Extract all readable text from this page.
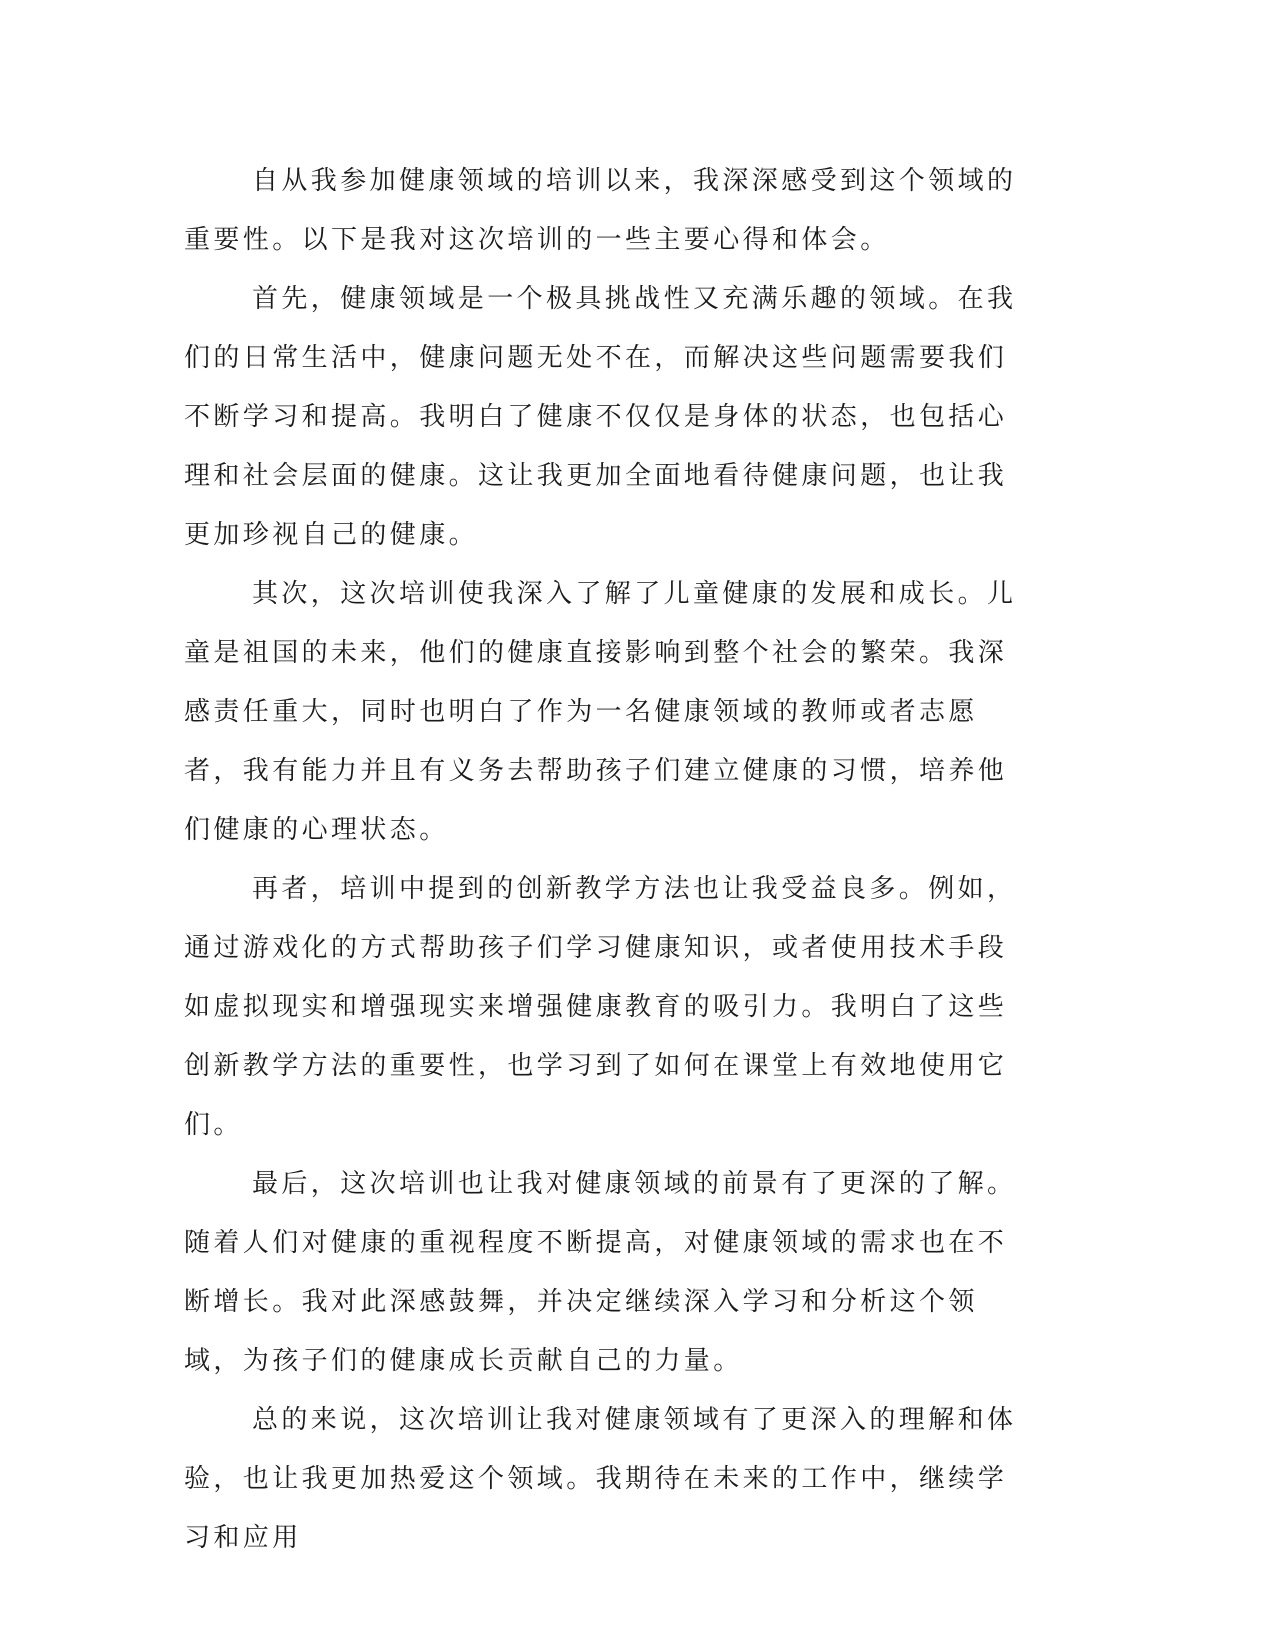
自从我参加健康领域的培训以来，我深深感受到这个领域的重要性。以下是我对这次培训的一些主要心得和体会。

首先，健康领域是一个极具挑战性又充满乐趣的领域。在我们的日常生活中，健康问题无处不在，而解决这些问题需要我们不断学习和提高。我明白了健康不仅仅是身体的状态，也包括心理和社会层面的健康。这让我更加全面地看待健康问题，也让我更加珍视自己的健康。

其次，这次培训使我深入了解了儿童健康的发展和成长。儿童是祖国的未来，他们的健康直接影响到整个社会的繁荣。我深感责任重大，同时也明白了作为一名健康领域的教师或者志愿者，我有能力并且有义务去帮助孩子们建立健康的习惯，培养他们健康的心理状态。

再者，培训中提到的创新教学方法也让我受益良多。例如，通过游戏化的方式帮助孩子们学习健康知识，或者使用技术手段如虚拟现实和增强现实来增强健康教育的吸引力。我明白了这些创新教学方法的重要性，也学习到了如何在课堂上有效地使用它们。

最后，这次培训也让我对健康领域的前景有了更深的了解。随着人们对健康的重视程度不断提高，对健康领域的需求也在不断增长。我对此深感鼓舞，并决定继续深入学习和分析这个领域，为孩子们的健康成长贡献自己的力量。

总的来说，这次培训让我对健康领域有了更深入的理解和体验，也让我更加热爱这个领域。我期待在未来的工作中，继续学习和应用
